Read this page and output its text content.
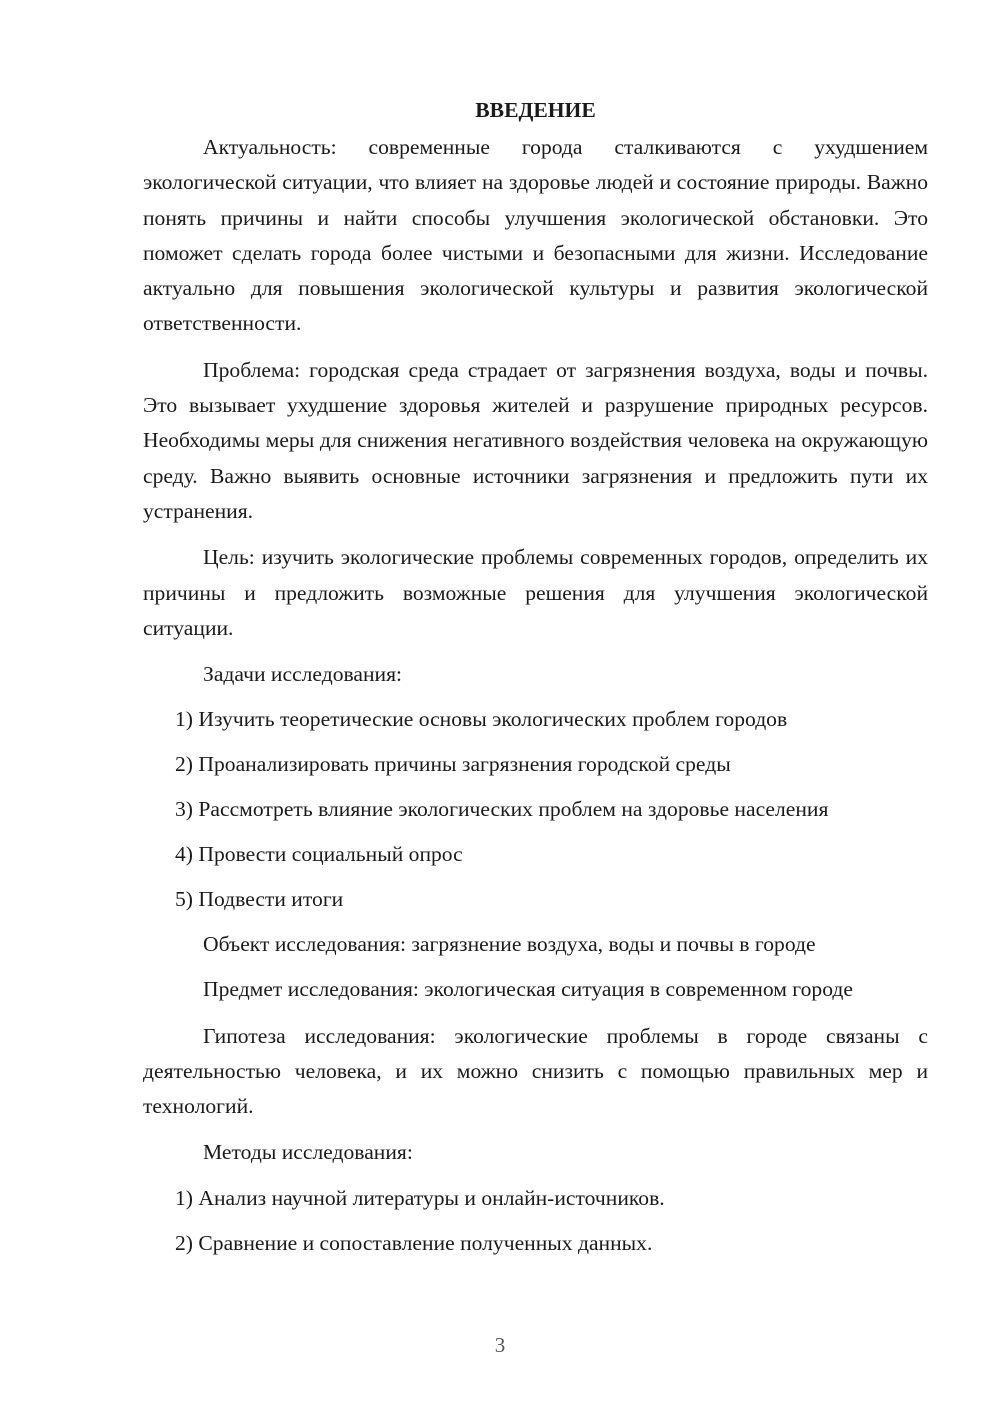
ВВЕДЕНИЕ
Актуальность: современные города сталкиваются с ухудшением экологической ситуации, что влияет на здоровье людей и состояние природы. Важно понять причины и найти способы улучшения экологической обстановки. Это поможет сделать города более чистыми и безопасными для жизни. Исследование актуально для повышения экологической культуры и развития экологической ответственности.
Проблема: городская среда страдает от загрязнения воздуха, воды и почвы. Это вызывает ухудшение здоровья жителей и разрушение природных ресурсов. Необходимы меры для снижения негативного воздействия человека на окружающую среду. Важно выявить основные источники загрязнения и предложить пути их устранения.
Цель: изучить экологические проблемы современных городов, определить их причины и предложить возможные решения для улучшения экологической ситуации.
Задачи исследования:
1) Изучить теоретические основы экологических проблем городов
2) Проанализировать причины загрязнения городской среды
3) Рассмотреть влияние экологических проблем на здоровье населения
4) Провести социальный опрос
5) Подвести итоги
Объект исследования: загрязнение воздуха, воды и почвы в городе
Предмет исследования: экологическая ситуация в современном городе
Гипотеза исследования: экологические проблемы в городе связаны с деятельностью человека, и их можно снизить с помощью правильных мер и технологий.
Методы исследования:
1) Анализ научной литературы и онлайн-источников.
2) Сравнение и сопоставление полученных данных.
3
